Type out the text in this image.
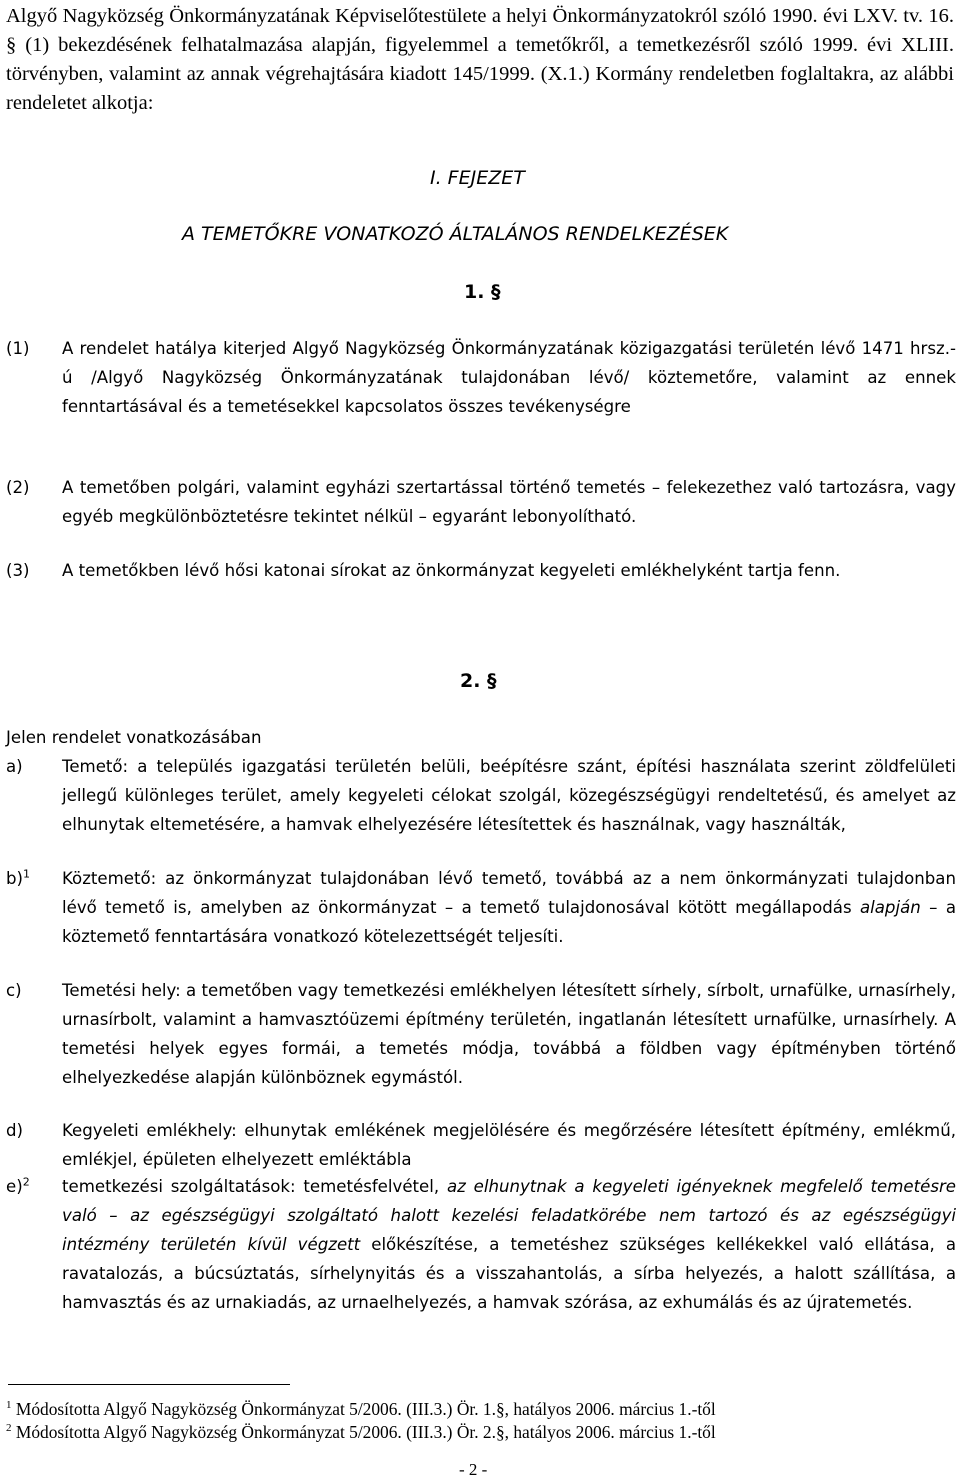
Algyő Nagyközség Önkormányzatának Képviselőtestülete a helyi Önkormányzatokról szóló 1990. évi LXV. tv. 16. § (1) bekezdésének felhatalmazása alapján, figyelemmel a temetőkről, a temetkezésről szóló 1999. évi XLIII. törvényben, valamint az annak végrehajtására kiadott 145/1999. (X.1.) Kormány rendeletben foglaltakra, az alábbi rendeletet alkotja:

I. FEJEZET

A TEMETŐKRE VONATKOZÓ ÁLTALÁNOS RENDELKEZÉSEK

1. §

(1) A rendelet hatálya kiterjed Algyő Nagyközség Önkormányzatának közigazgatási területén lévő 1471 hrsz.-ú /Algyő Nagyközség Önkormányzatának tulajdonában lévő/ köztemetőre, valamint az ennek fenntartásával és a temetésekkel kapcsolatos összes tevékenységre
(2) A temetőben polgári, valamint egyházi szertartással történő temetés – felekezethez való tartozásra, vagy egyéb megkülönböztetésre tekintet nélkül – egyaránt lebonyolítható.
(3) A temetőkben lévő hősi katonai sírokat az önkormányzat kegyeleti emlékhelyként tartja fenn.

2. §

Jelen rendelet vonatkozásában

a) Temető: a település igazgatási területén belüli, beépítésre szánt, építési használata szerint zöldfelületi jellegű különleges terület, amely kegyeleti célokat szolgál, közegészségügyi rendeltetésű, és amelyet az elhunytak eltemetésére, a hamvak elhelyezésére létesítettek és használnak, vagy használták,
b)$^1$ Köztemető: az önkormányzat tulajdonában lévő temető, továbbá az a nem önkormányzati tulajdonban lévő temető is, amelyben az önkormányzat – a temető tulajdonosával kötött megállapodás alapján – a köztemető fenntartására vonatkozó kötelezettségét teljesíti.
c) Temetési hely: a temetőben vagy temetkezési emlékhelyen létesített sírhely, sírbolt, urnafülke, urnasírhely, urnasírbolt, valamint a hamvasztóüzemi építmény területén, ingatlanán létesített urnafülke, urnasírhely. A temetési helyek egyes formái, a temetés módja, továbbá a földben vagy építményben történő elhelyezkedése alapján különböznek egymástól.
d) Kegyeleti emlékhely: elhunytak emlékének megjelölésére és megőrzésére létesített építmény, emlékmű, emlékjel, épületen elhelyezett emléktábla
e)$^2$ temetkezési szolgáltatások: temetésfelvétel, az elhunytnak a kegyeleti igényeknek megfelelő temetésre való – az egészségügyi szolgáltató halott kezelési feladatkörébe nem tartozó és az egészségügyi intézmény területén kívül végzett előkészítése, a temetéshez szükséges kellékekkel való ellátása, a ravatalozás, a búcsúztatás, sírhelynyitás és a visszahantolás, a sírba helyezés, a halott szállítása, a hamvasztás és az urnakiadás, az urnaelhelyezés, a hamvak szórása, az exhumálás és az újratemetés.

$^1$ Módosította Algyő Nagyközség Önkormányzat 5/2006. (III.3.) Ör. 1.§, hatályos 2006. március 1.-től

$^2$ Módosította Algyő Nagyközség Önkormányzat 5/2006. (III.3.) Ör. 2.§, hatályos 2006. március 1.-től

- 2 -
